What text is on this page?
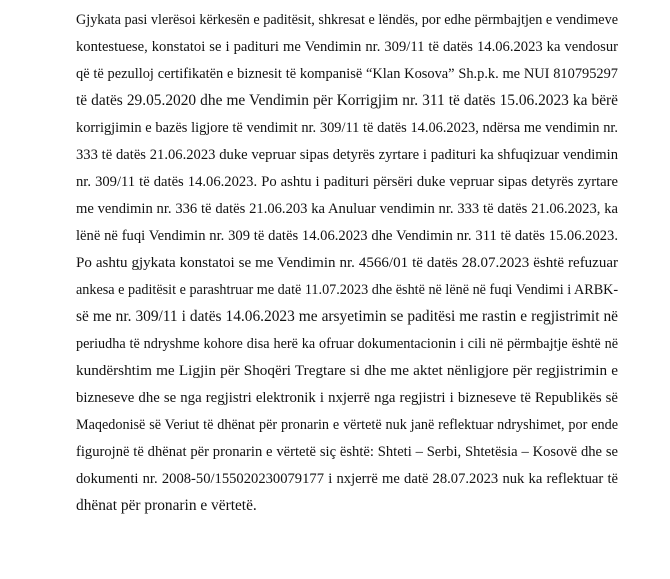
Gjykata pasi vlerësoi kërkesën e paditësit, shkresat e lëndës, por edhe përmbajtjen e vendimeve
kontestuese, konstatoi se i padituri me Vendimin nr. 309/11 të datës 14.06.2023 ka vendosur
që të pezulloj certifikatën e biznesit të kompanisë “Klan Kosova” Sh.p.k. me NUI 810795297
të datës 29.05.2020 dhe me Vendimin për Korrigjim nr. 311 të datës 15.06.2023 ka bërë
korrigjimin e bazës ligjore të vendimit nr. 309/11 të datës 14.06.2023, ndërsa me vendimin nr.
333 të datës 21.06.2023 duke vepruar sipas detyrës zyrtare i padituri ka shfuqizuar vendimin
nr. 309/11 të datës 14.06.2023. Po ashtu i padituri përsëri duke vepruar sipas detyrës zyrtare
me vendimin nr. 336 të datës 21.06.203 ka Anuluar vendimin nr. 333 të datës 21.06.2023, ka
lënë në fuqi Vendimin nr. 309 të datës 14.06.2023 dhe Vendimin nr. 311 të datës 15.06.2023.
Po ashtu gjykata konstatoi se me Vendimin nr. 4566/01 të datës 28.07.2023 është refuzuar
ankesa e paditësit e parashtruar me datë 11.07.2023 dhe është në lënë në fuqi Vendimi i ARBK-
së me nr. 309/11 i datës 14.06.2023 me arsyetimin se paditësi me rastin e regjistrimit në
periudha të ndryshme kohore disa herë ka ofruar dokumentacionin i cili në përmbajtje është në
kundërshtim me Ligjin për Shoqëri Tregtare si dhe me aktet nënligjore për regjistrimin e
bizneseve dhe se nga regjistri elektronik i nxjerrë nga regjistri i bizneseve të Republikës së
Maqedonisë së Veriut të dhënat për pronarin e vërtetë nuk janë reflektuar ndryshimet, por ende
figurojnë të dhënat për pronarin e vërtetë siç është: Shteti – Serbi, Shtetësia – Kosovë dhe se
dokumenti nr. 2008-50/155020230079177 i nxjerrë me datë 28.07.2023 nuk ka reflektuar të
dhënat për pronarin e vërtetë.
